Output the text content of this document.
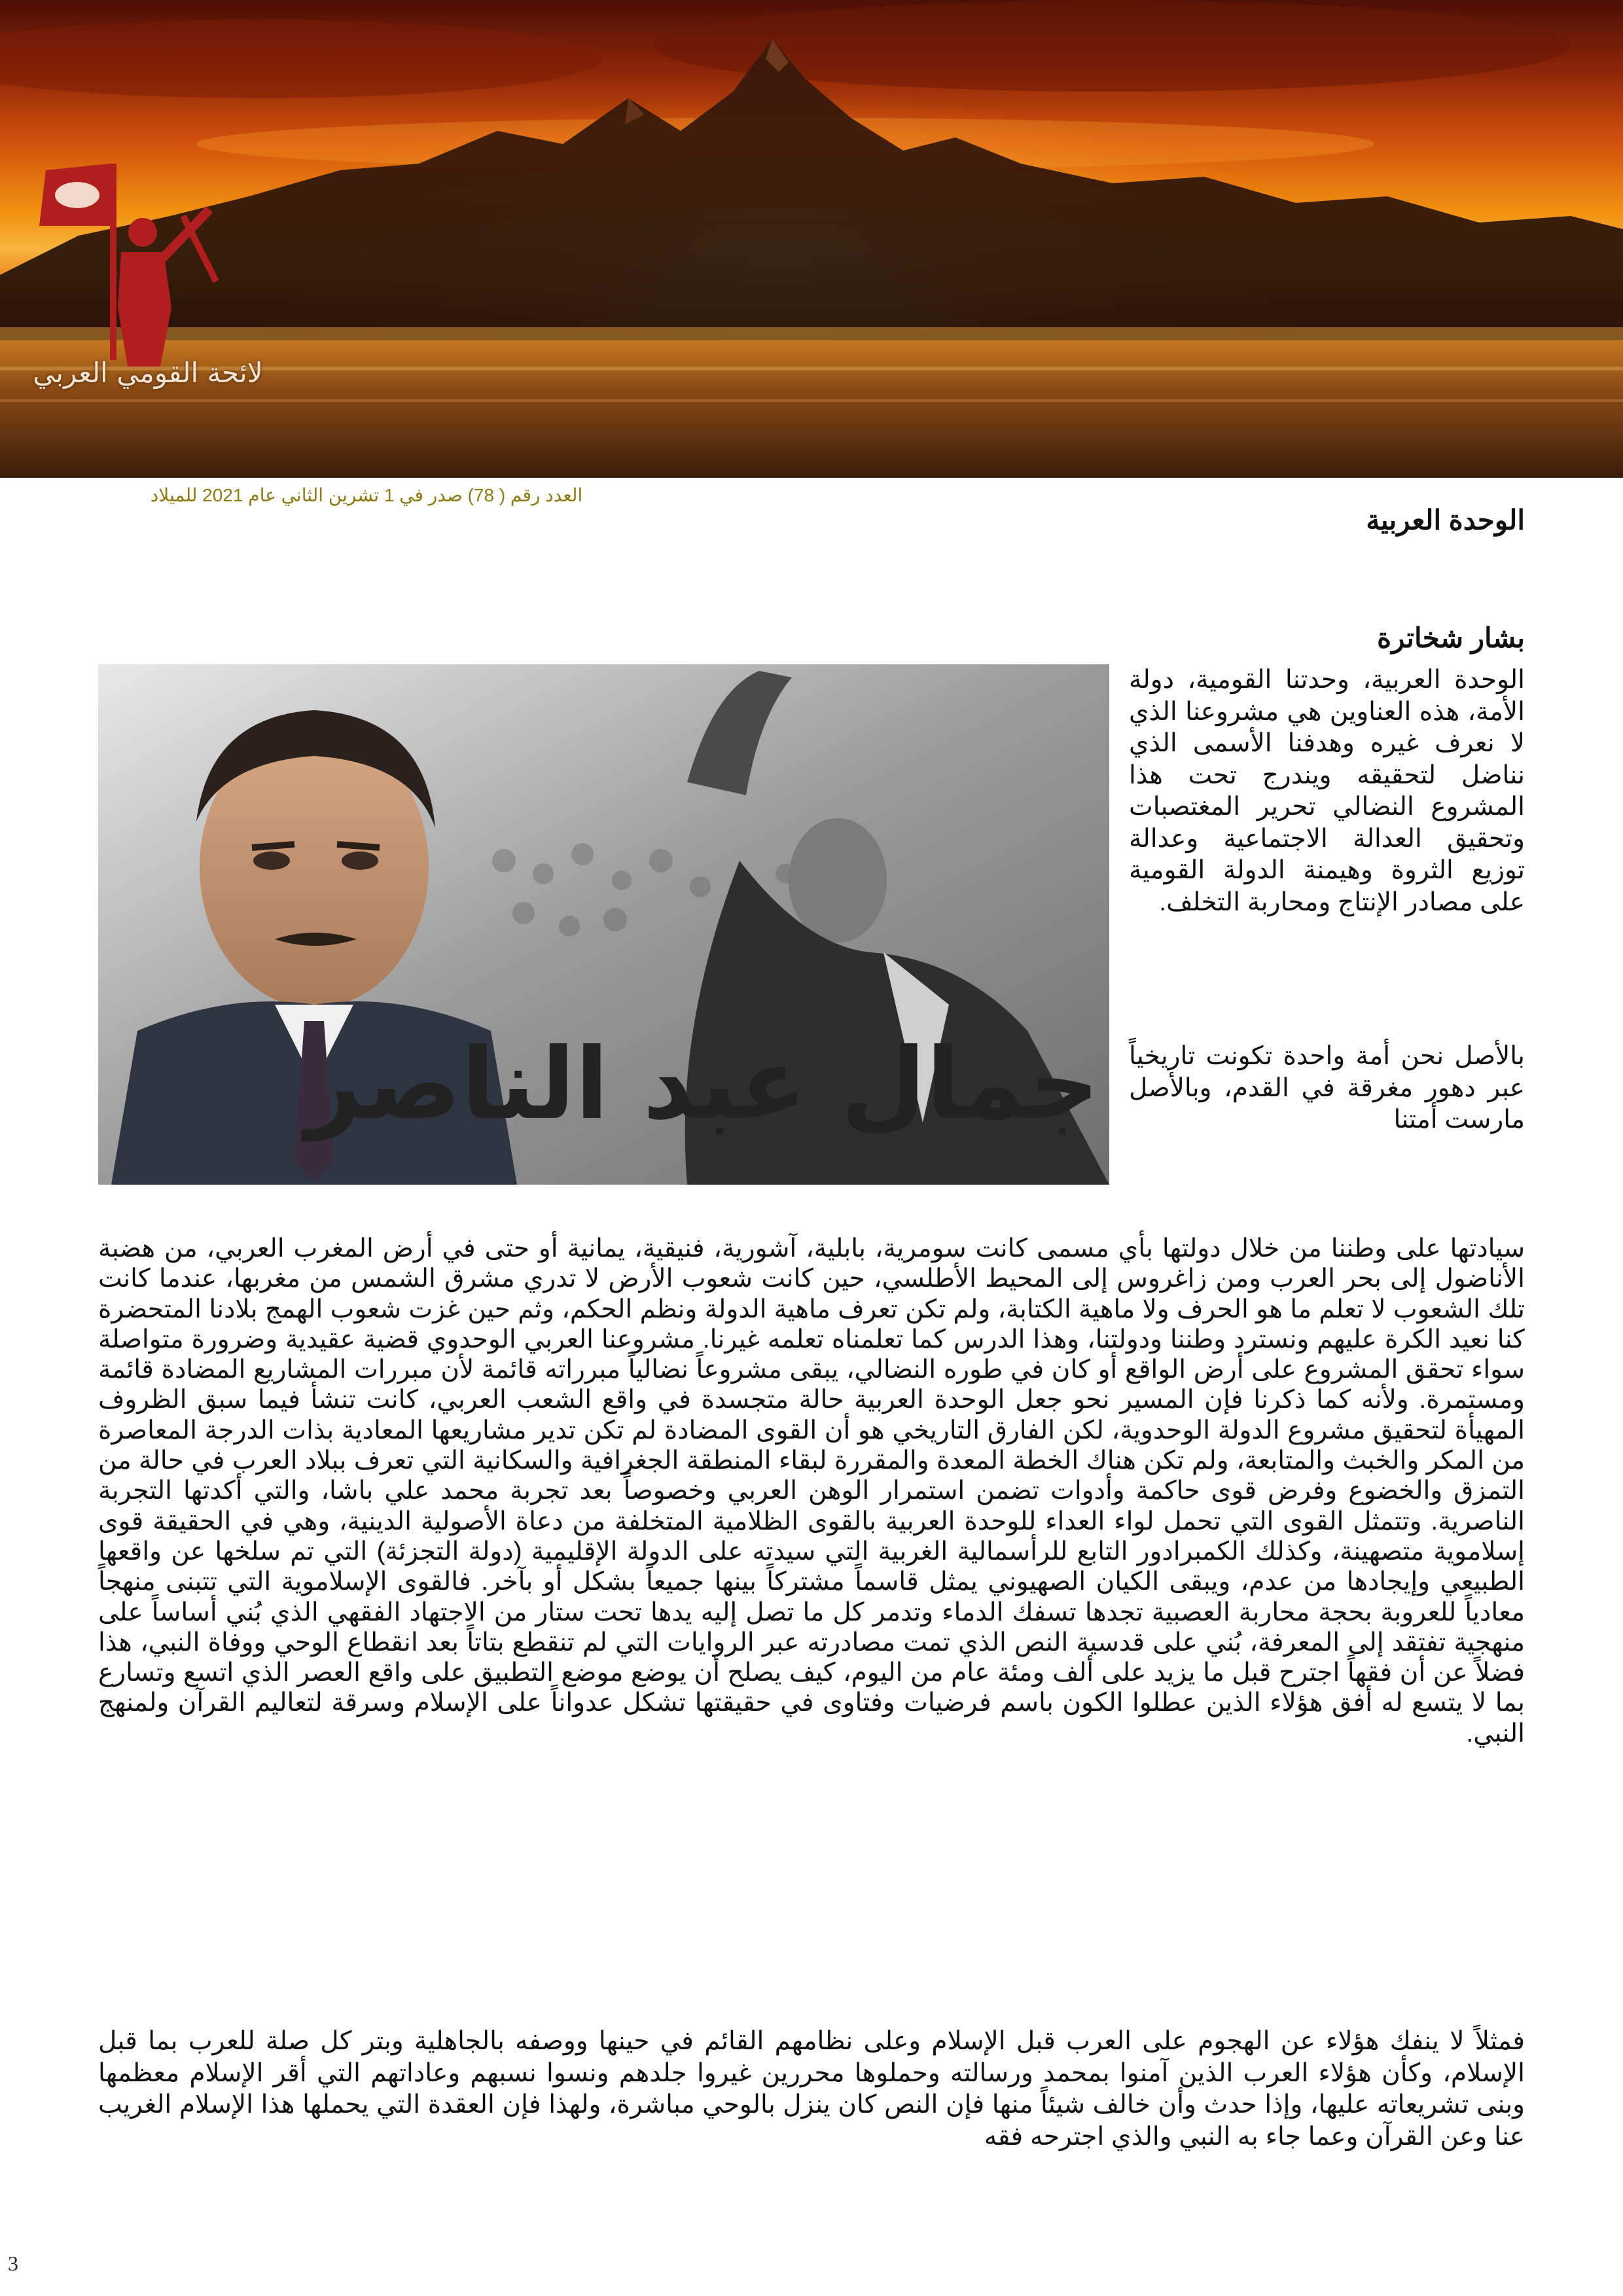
لائحة القومي العربي
العدد رقم ( 78) صدر في 1 تشرين الثاني عام 2021 للميلاد
الوحدة العربية
بشار شخاترة
جمال عبد الناصر
الوحدة العربية، وحدتنا القومية، دولة الأمة، هذه العناوين هي مشروعنا الذي لا نعرف غيره وهدفنا الأسمى الذي نناضل لتحقيقه ويندرج تحت هذا المشروع النضالي تحرير المغتصبات وتحقيق العدالة الاجتماعية وعدالة توزيع الثروة وهيمنة الدولة القومية على مصادر الإنتاج ومحاربة التخلف.
بالأصل نحن أمة واحدة تكونت تاريخياً عبر دهور مغرقة في القدم، وبالأصل مارست أمتنا
سيادتها على وطننا من خلال دولتها بأي مسمى كانت سومرية، بابلية، آشورية، فنيقية، يمانية أو حتى في أرض المغرب العربي، من هضبة الأناضول إلى بحر العرب ومن زاغروس إلى المحيط الأطلسي، حين كانت شعوب الأرض لا تدري مشرق الشمس من مغربها، عندما كانت تلك الشعوب لا تعلم ما هو الحرف ولا ماهية الكتابة، ولم تكن تعرف ماهية الدولة ونظم الحكم، وثم حين غزت شعوب الهمج بلادنا المتحضرة كنا نعيد الكرة عليهم ونسترد وطننا ودولتنا، وهذا الدرس كما تعلمناه تعلمه غيرنا. مشروعنا العربي الوحدوي قضية عقيدية وضرورة متواصلة سواء تحقق المشروع على أرض الواقع أو كان في طوره النضالي، يبقى مشروعاً نضالياً مبرراته قائمة لأن مبررات المشاريع المضادة قائمة ومستمرة. ولأنه كما ذكرنا فإن المسير نحو جعل الوحدة العربية حالة متجسدة في واقع الشعب العربي، كانت تنشأ فيما سبق الظروف المهيأة لتحقيق مشروع الدولة الوحدوية، لكن الفارق التاريخي هو أن القوى المضادة لم تكن تدير مشاريعها المعادية بذات الدرجة المعاصرة من المكر والخبث والمتابعة، ولم تكن هناك الخطة المعدة والمقررة لبقاء المنطقة الجغرافية والسكانية التي تعرف ببلاد العرب في حالة من التمزق والخضوع وفرض قوى حاكمة وأدوات تضمن استمرار الوهن العربي وخصوصاً بعد تجربة محمد علي باشا، والتي أكدتها التجربة الناصرية. وتتمثل القوى التي تحمل لواء العداء للوحدة العربية بالقوى الظلامية المتخلفة من دعاة الأصولية الدينية، وهي في الحقيقة قوى إسلاموية متصهينة، وكذلك الكمبرادور التابع للرأسمالية الغربية التي سيدته على الدولة الإقليمية (دولة التجزئة) التي تم سلخها عن واقعها الطبيعي وإيجادها من عدم، ويبقى الكيان الصهيوني يمثل قاسماً مشتركاً بينها جميعاً بشكل أو بآخر. فالقوى الإسلاموية التي تتبنى منهجاً معادياً للعروبة بحجة محاربة العصبية تجدها تسفك الدماء وتدمر كل ما تصل إليه يدها تحت ستار من الاجتهاد الفقهي الذي بُني أساساً على منهجية تفتقد إلى المعرفة، بُني على قدسية النص الذي تمت مصادرته عبر الروايات التي لم تنقطع بتاتاً بعد انقطاع الوحي ووفاة النبي، هذا فضلاً عن أن فقهاً اجترح قبل ما يزيد على ألف ومئة عام من اليوم، كيف يصلح أن يوضع موضع التطبيق على واقع العصر الذي اتسع وتسارع بما لا يتسع له أفق هؤلاء الذين عطلوا الكون باسم فرضيات وفتاوى في حقيقتها تشكل عدواناً على الإسلام وسرقة لتعاليم القرآن ولمنهج النبي.
فمثلاً لا ينفك هؤلاء عن الهجوم على العرب قبل الإسلام وعلى نظامهم القائم في حينها ووصفه بالجاهلية وبتر كل صلة للعرب بما قبل الإسلام، وكأن هؤلاء العرب الذين آمنوا بمحمد ورسالته وحملوها محررين غيروا جلدهم ونسوا نسبهم وعاداتهم التي أقر الإسلام معظمها وبنى تشريعاته عليها، وإذا حدث وأن خالف شيئاً منها فإن النص كان ينزل بالوحي مباشرة، ولهذا فإن العقدة التي يحملها هذا الإسلام الغريب عنا وعن القرآن وعما جاء به النبي والذي اجترحه فقه
3
